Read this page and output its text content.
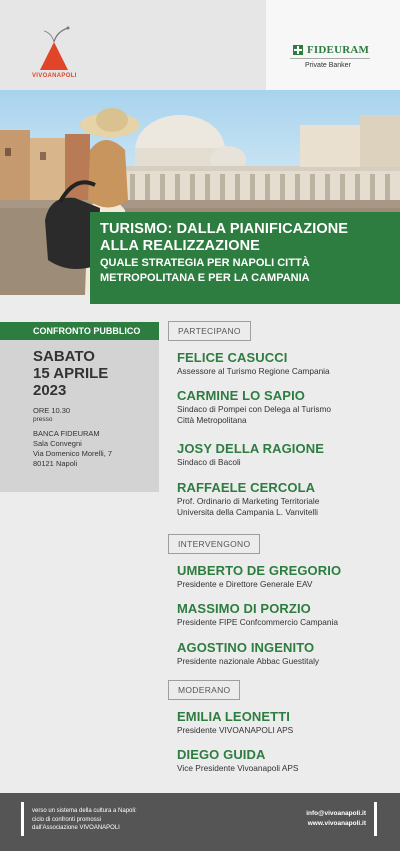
VIVOANAPOLI
FIDEURAM
Private Banker
TURISMO: DALLA PIANIFICAZIONE
ALLA REALIZZAZIONE
QUALE STRATEGIA PER NAPOLI CITTÀ
METROPOLITANA E PER LA CAMPANIA
CONFRONTO PUBBLICO
SABATO
15 APRILE
2023
ORE 10.30
presso
BANCA FIDEURAM
Sala Convegni
Via Domenico Morelli, 7
80121 Napoli
PARTECIPANO
FELICE CASUCCI
Assessore al Turismo Regione Campania
CARMINE LO SAPIO
Sindaco di Pompei con Delega al Turismo
Città Metropolitana
JOSY DELLA RAGIONE
Sindaco di Bacoli
RAFFAELE CERCOLA
Prof. Ordinario di Marketing Territoriale
Universita della Campania L. Vanvitelli
INTERVENGONO
UMBERTO DE GREGORIO
Presidente e Direttore Generale EAV
MASSIMO DI PORZIO
Presidente FIPE Confcommercio Campania
AGOSTINO INGENITO
Presidente nazionale Abbac Guestitaly
MODERANO
EMILIA LEONETTI
Presidente VIVOANAPOLI APS
DIEGO GUIDA
Vice Presidente Vivoanapoli APS
verso un sistema della cultura a Napoli:
ciclo di confronti promossi
dall'Associazione VIVOANAPOLI
info@vivoanapoli.it
www.vivoanapoli.it
